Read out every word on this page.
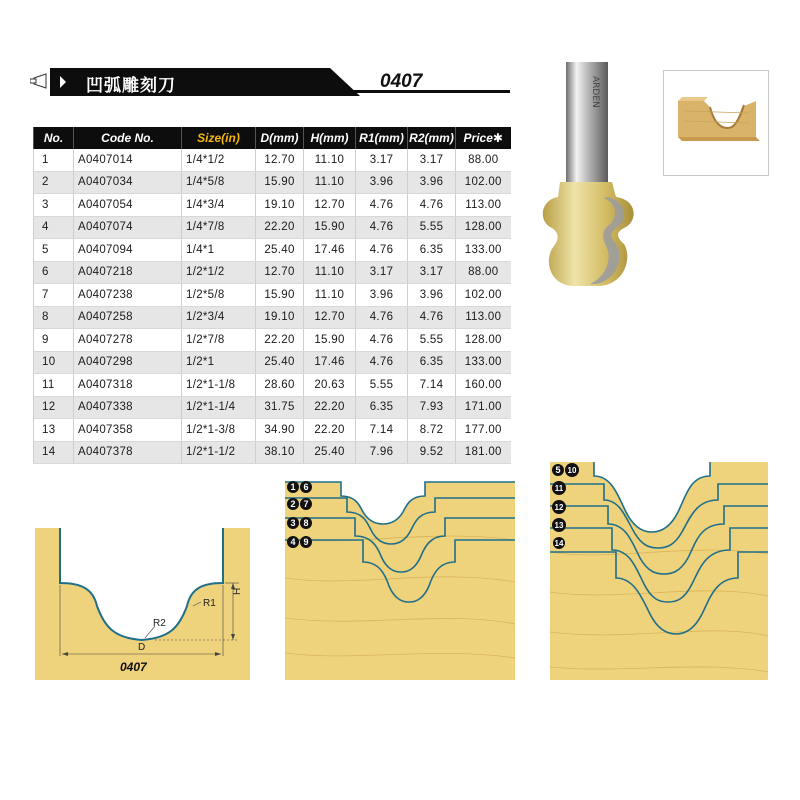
凹弧雕刻刀	0407
No.	Code No.	Size(in)	D(mm)	H(mm)	R1(mm)	R2(mm)	Price✱
1	A0407014	1/4*1/2	12.70	11.10	3.17	3.17	88.00
2	A0407034	1/4*5/8	15.90	11.10	3.96	3.96	102.00
3	A0407054	1/4*3/4	19.10	12.70	4.76	4.76	113.00
4	A0407074	1/4*7/8	22.20	15.90	4.76	5.55	128.00
5	A0407094	1/4*1	25.40	17.46	4.76	6.35	133.00
6	A0407218	1/2*1/2	12.70	11.10	3.17	3.17	88.00
7	A0407238	1/2*5/8	15.90	11.10	3.96	3.96	102.00
8	A0407258	1/2*3/4	19.10	12.70	4.76	4.76	113.00
9	A0407278	1/2*7/8	22.20	15.90	4.76	5.55	128.00
10	A0407298	1/2*1	25.40	17.46	4.76	6.35	133.00
11	A0407318	1/2*1-1/8	28.60	20.63	5.55	7.14	160.00
12	A0407338	1/2*1-1/4	31.75	22.20	6.35	7.93	171.00
13	A0407358	1/2*1-3/8	34.90	22.20	7.14	8.72	177.00
14	A0407378	1/2*1-1/2	38.10	25.40	7.96	9.52	181.00
ARDEN
H
R1
R2
D
0407
1 6
2 7
3 8
4 9
5 10
11
12
13
14
